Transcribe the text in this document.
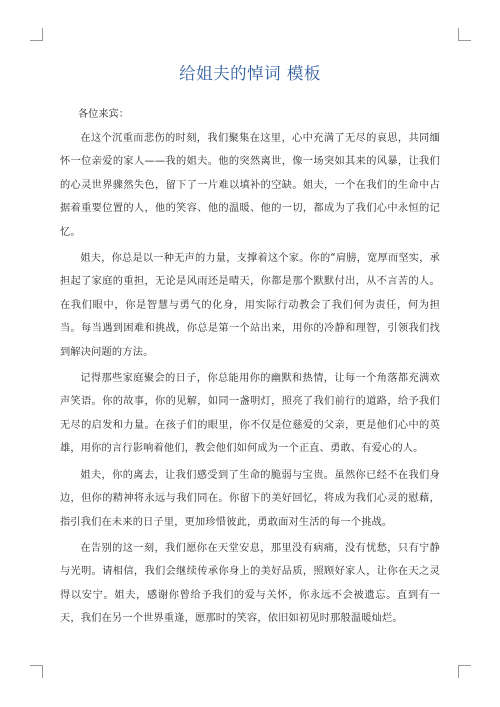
给姐夫的悼词 模板
各位来宾：

在这个沉重而悲伤的时刻，我们聚集在这里，心中充满了无尽的哀思，共同缅怀一位亲爱的家人——我的姐夫。他的突然离世，像一场突如其来的风暴，让我们的心灵世界骤然失色，留下了一片难以填补的空缺。姐夫，一个在我们的生命中占据着重要位置的人，他的笑容、他的温暖、他的一切，都成为了我们心中永恒的记忆。

姐夫，你总是以一种无声的力量，支撑着这个家。你的“肩膀，宽厚而坚实，承担起了家庭的重担，无论是风雨还是晴天，你都是那个默默付出，从不言苦的人。在我们眼中，你是智慧与勇气的化身，用实际行动教会了我们何为责任，何为担当。每当遇到困难和挑战，你总是第一个站出来，用你的冷静和理智，引领我们找到解决问题的方法。

记得那些家庭聚会的日子，你总能用你的幽默和热情，让每一个角落都充满欢声笑语。你的故事，你的见解，如同一盏明灯，照亮了我们前行的道路，给予我们无尽的启发和力量。在孩子们的眼里，你不仅是位慈爱的父亲，更是他们心中的英雄，用你的言行影响着他们，教会他们如何成为一个正直、勇敢、有爱心的人。

姐夫，你的离去，让我们感受到了生命的脆弱与宝贵。虽然你已经不在我们身边，但你的精神将永远与我们同在。你留下的美好回忆，将成为我们心灵的慰藉，指引我们在未来的日子里，更加珍惜彼此，勇敢面对生活的每一个挑战。

在告别的这一刻，我们愿你在天堂安息，那里没有病痛，没有忧愁，只有宁静与光明。请相信，我们会继续传承你身上的美好品质，照顾好家人，让你在天之灵得以安宁。姐夫，感谢你曾给予我们的爱与关怀，你永远不会被遗忘。直到有一天，我们在另一个世界重逢，愿那时的笑容，依旧如初见时那般温暖灿烂。
